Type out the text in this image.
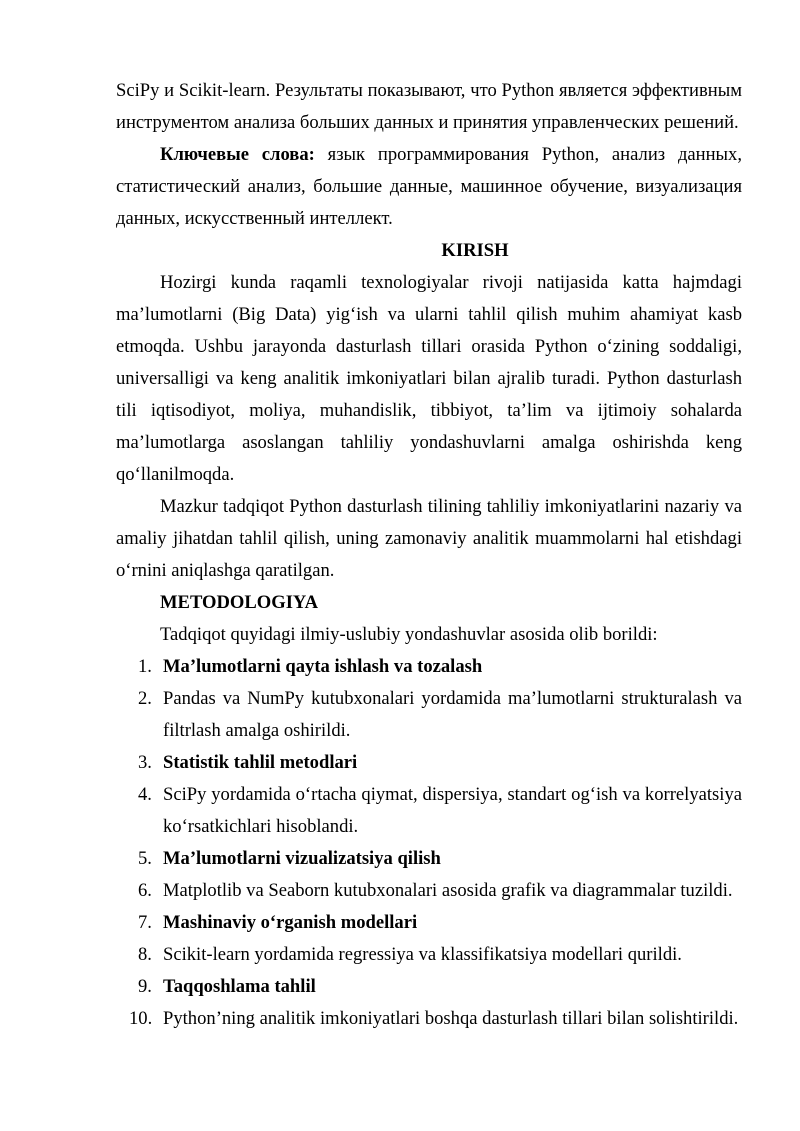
SciPy и Scikit-learn. Результаты показывают, что Python является эффективным инструментом анализа больших данных и принятия управленческих решений.

Ключевые слова: язык программирования Python, анализ данных, статистический анализ, большие данные, машинное обучение, визуализация данных, искусственный интеллект.

KIRISH

Hozirgi kunda raqamli texnologiyalar rivoji natijasida katta hajmdagi ma’lumotlarni (Big Data) yig‘ish va ularni tahlil qilish muhim ahamiyat kasb etmoqda. Ushbu jarayonda dasturlash tillari orasida Python o‘zining soddaligi, universalligi va keng analitik imkoniyatlari bilan ajralib turadi. Python dasturlash tili iqtisodiyot, moliya, muhandislik, tibbiyot, ta’lim va ijtimoiy sohalarda ma’lumotlarga asoslangan tahliliy yondashuvlarni amalga oshirishda keng qo‘llanilmoqda.

Mazkur tadqiqot Python dasturlash tilining tahliliy imkoniyatlarini nazariy va amaliy jihatdan tahlil qilish, uning zamonaviy analitik muammolarni hal etishdagi o‘rnini aniqlashga qaratilgan.

METODOLOGIYA

Tadqiqot quyidagi ilmiy-uslubiy yondashuvlar asosida olib borildi:

1. Ma’lumotlarni qayta ishlash va tozalash
2. Pandas va NumPy kutubxonalari yordamida ma’lumotlarni strukturalash va filtrlash amalga oshirildi.
3. Statistik tahlil metodlari
4. SciPy yordamida o‘rtacha qiymat, dispersiya, standart og‘ish va korrelyatsiya ko‘rsatkichlari hisoblandi.
5. Ma’lumotlarni vizualizatsiya qilish
6. Matplotlib va Seaborn kutubxonalari asosida grafik va diagrammalar tuzildi.
7. Mashinaviy o‘rganish modellari
8. Scikit-learn yordamida regressiya va klassifikatsiya modellari qurildi.
9. Taqqoshlama tahlil
10. Python’ning analitik imkoniyatlari boshqa dasturlash tillari bilan solishtirildi.
